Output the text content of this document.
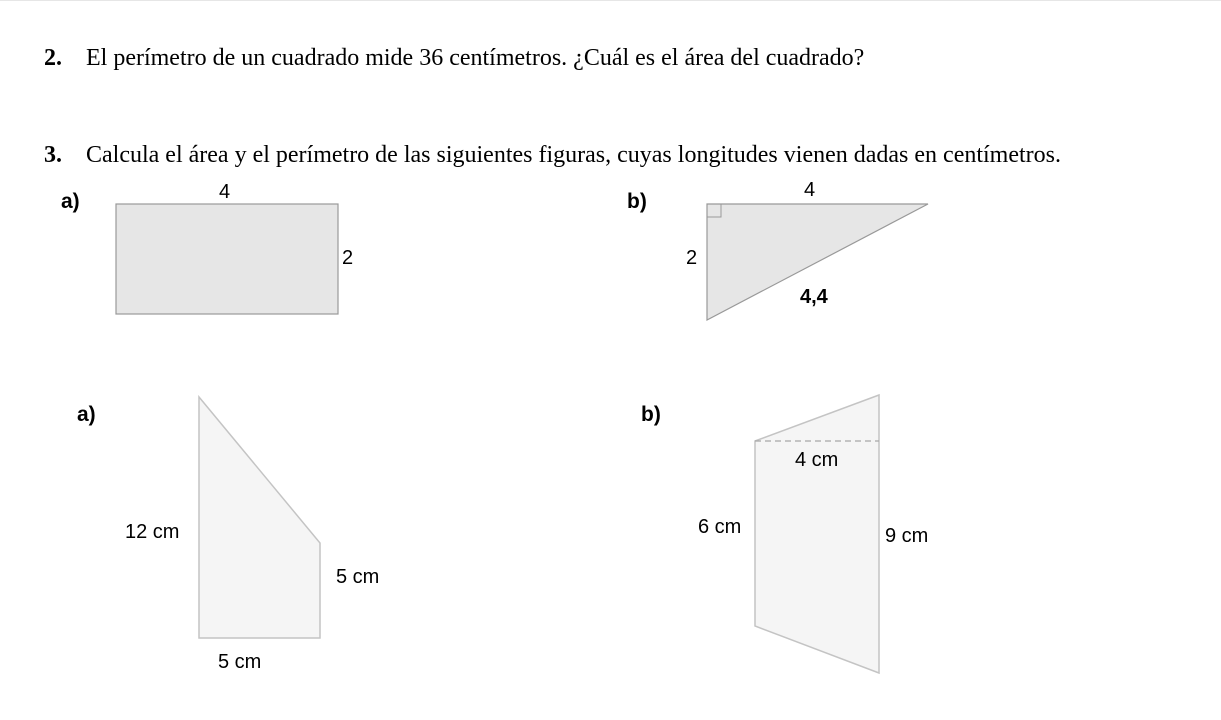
2. El perímetro de un cuadrado mide 36 centímetros. ¿Cuál es el área del cuadrado?
3. Calcula el área y el perímetro de las siguientes figuras, cuyas longitudes vienen dadas en centímetros.
a)	4
2
b)	4
2
4,4
a)
12 cm
5 cm
5 cm
b)
4 cm
6 cm	9 cm
